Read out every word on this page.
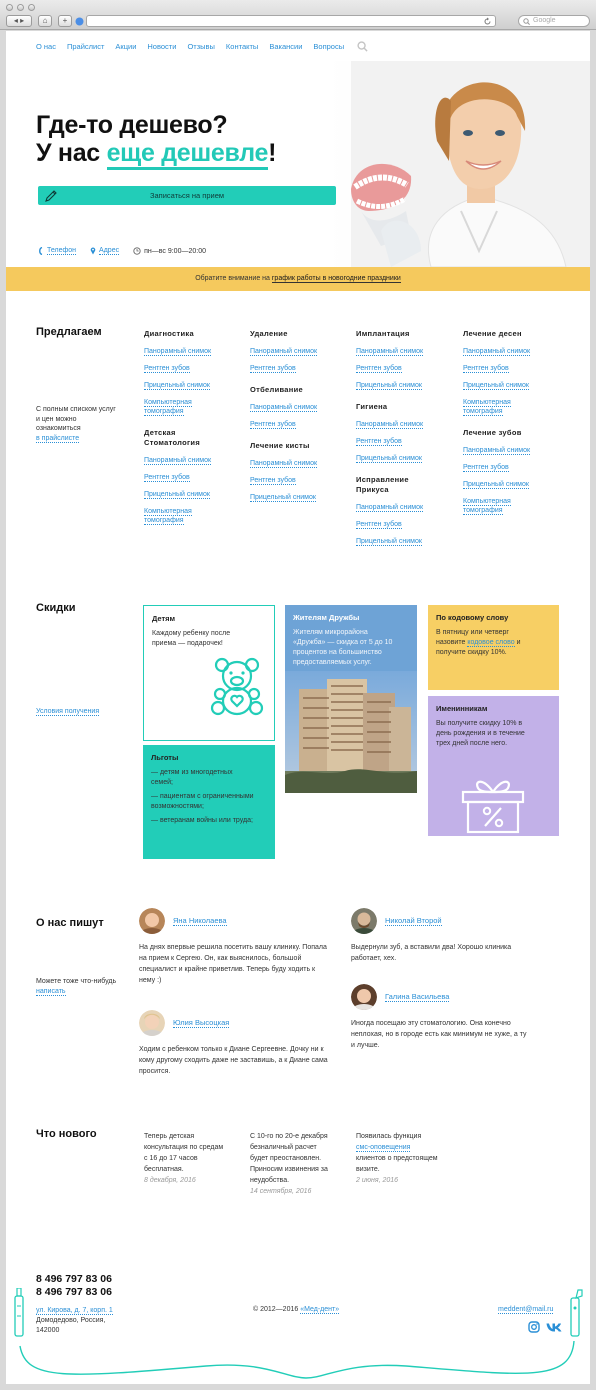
◂ ▸	⌂	+	Google
О нас Прайслист Акции Новости Отзывы Контакты Вакансии Вопросы
Где-то дешево?
У нас еще дешевле!
Записаться на прием
Телефон	Адрес	пн—вс 9:00—20:00
Обратите внимание на график работы в новогодние праздники
Предлагаем
С полным списком услуг
и цен можно
ознакомиться
в прайслисте
Диагностика
Панорамный снимок
Рентген зубов
Прицельный снимок
Компьютерная
томография
Детская
Стоматология
Панорамный снимок
Рентген зубов
Прицельный снимок
Компьютерная
томография
Удаление
Панорамный снимок
Рентген зубов
Отбеливание
Панорамный снимок
Рентген зубов
Лечение кисты
Панорамный снимок
Рентген зубов
Прицельный снимок
Имплантация
Панорамный снимок
Рентген зубов
Прицельный снимок
Гигиена
Панорамный снимок
Рентген зубов
Прицельный снимок
Исправление
Прикуса
Панорамный снимок
Рентген зубов
Прицельный снимок
Лечение десен
Панорамный снимок
Рентген зубов
Прицельный снимок
Компьютерная
томография
Лечение зубов
Панорамный снимок
Рентген зубов
Прицельный снимок
Компьютерная
томография
Скидки
Условия получения
Детям
Каждому ребенку после
приема — подарочек!
Жителям Дружбы
Жителям микрорайона
«Дружба» — скидка от 5 до 10
процентов на большинство
предоставляемых услуг.
По кодовому слову
В пятницу или четверг
назовите кодовое слово и
получите скидку 10%.
Льготы
— детям из многодетных
семей;
— пациентам с ограниченными
возможностями;
— ветеранам войны или труда;
Именинникам
Вы получите скидку 10% в
день рождения и в течение
трех дней после него.
О нас пишут
Можете тоже что-нибудь
написать
Яна Николаева
На днях впервые решила посетить вашу клинику. Попала
на прием к Сергею. Он, как выяснилось, большой
специалист и крайне приветлив. Теперь буду ходить к
нему :)
Николай Второй
Выдернули зуб, а вставили два! Хорошо клиника
работает, хех.
Галина Васильева
Иногда посещаю эту стоматологию. Она конечно
неплохая, но в городе есть как минимум не хуже, а ту
и лучше.
Юлия Высоцкая
Ходим с ребенком только к Диане Сергеевне. Дочку ни к
кому другому сходить даже не заставишь, а к Диане сама
просится.
Что нового	Теперь детская
консультация по средам
с 16 до 17 часов
бесплатная.
8 декабря, 2016
С 10-го по 20-е декабря
безналичный расчет
будет преостановлен.
Приносим извинения за
неудобства.
14 сентября, 2016
Появилась функция
смс-оповещения
клиентов о предстоящем
визите.
2 июня, 2016
8 496 797 83 06
8 496 797 83 06
ул. Кирова, д. 7, корп. 1
Домодедово, Россия,
142000
© 2012—2016 «Мед-дент»	meddent@mail.ru
